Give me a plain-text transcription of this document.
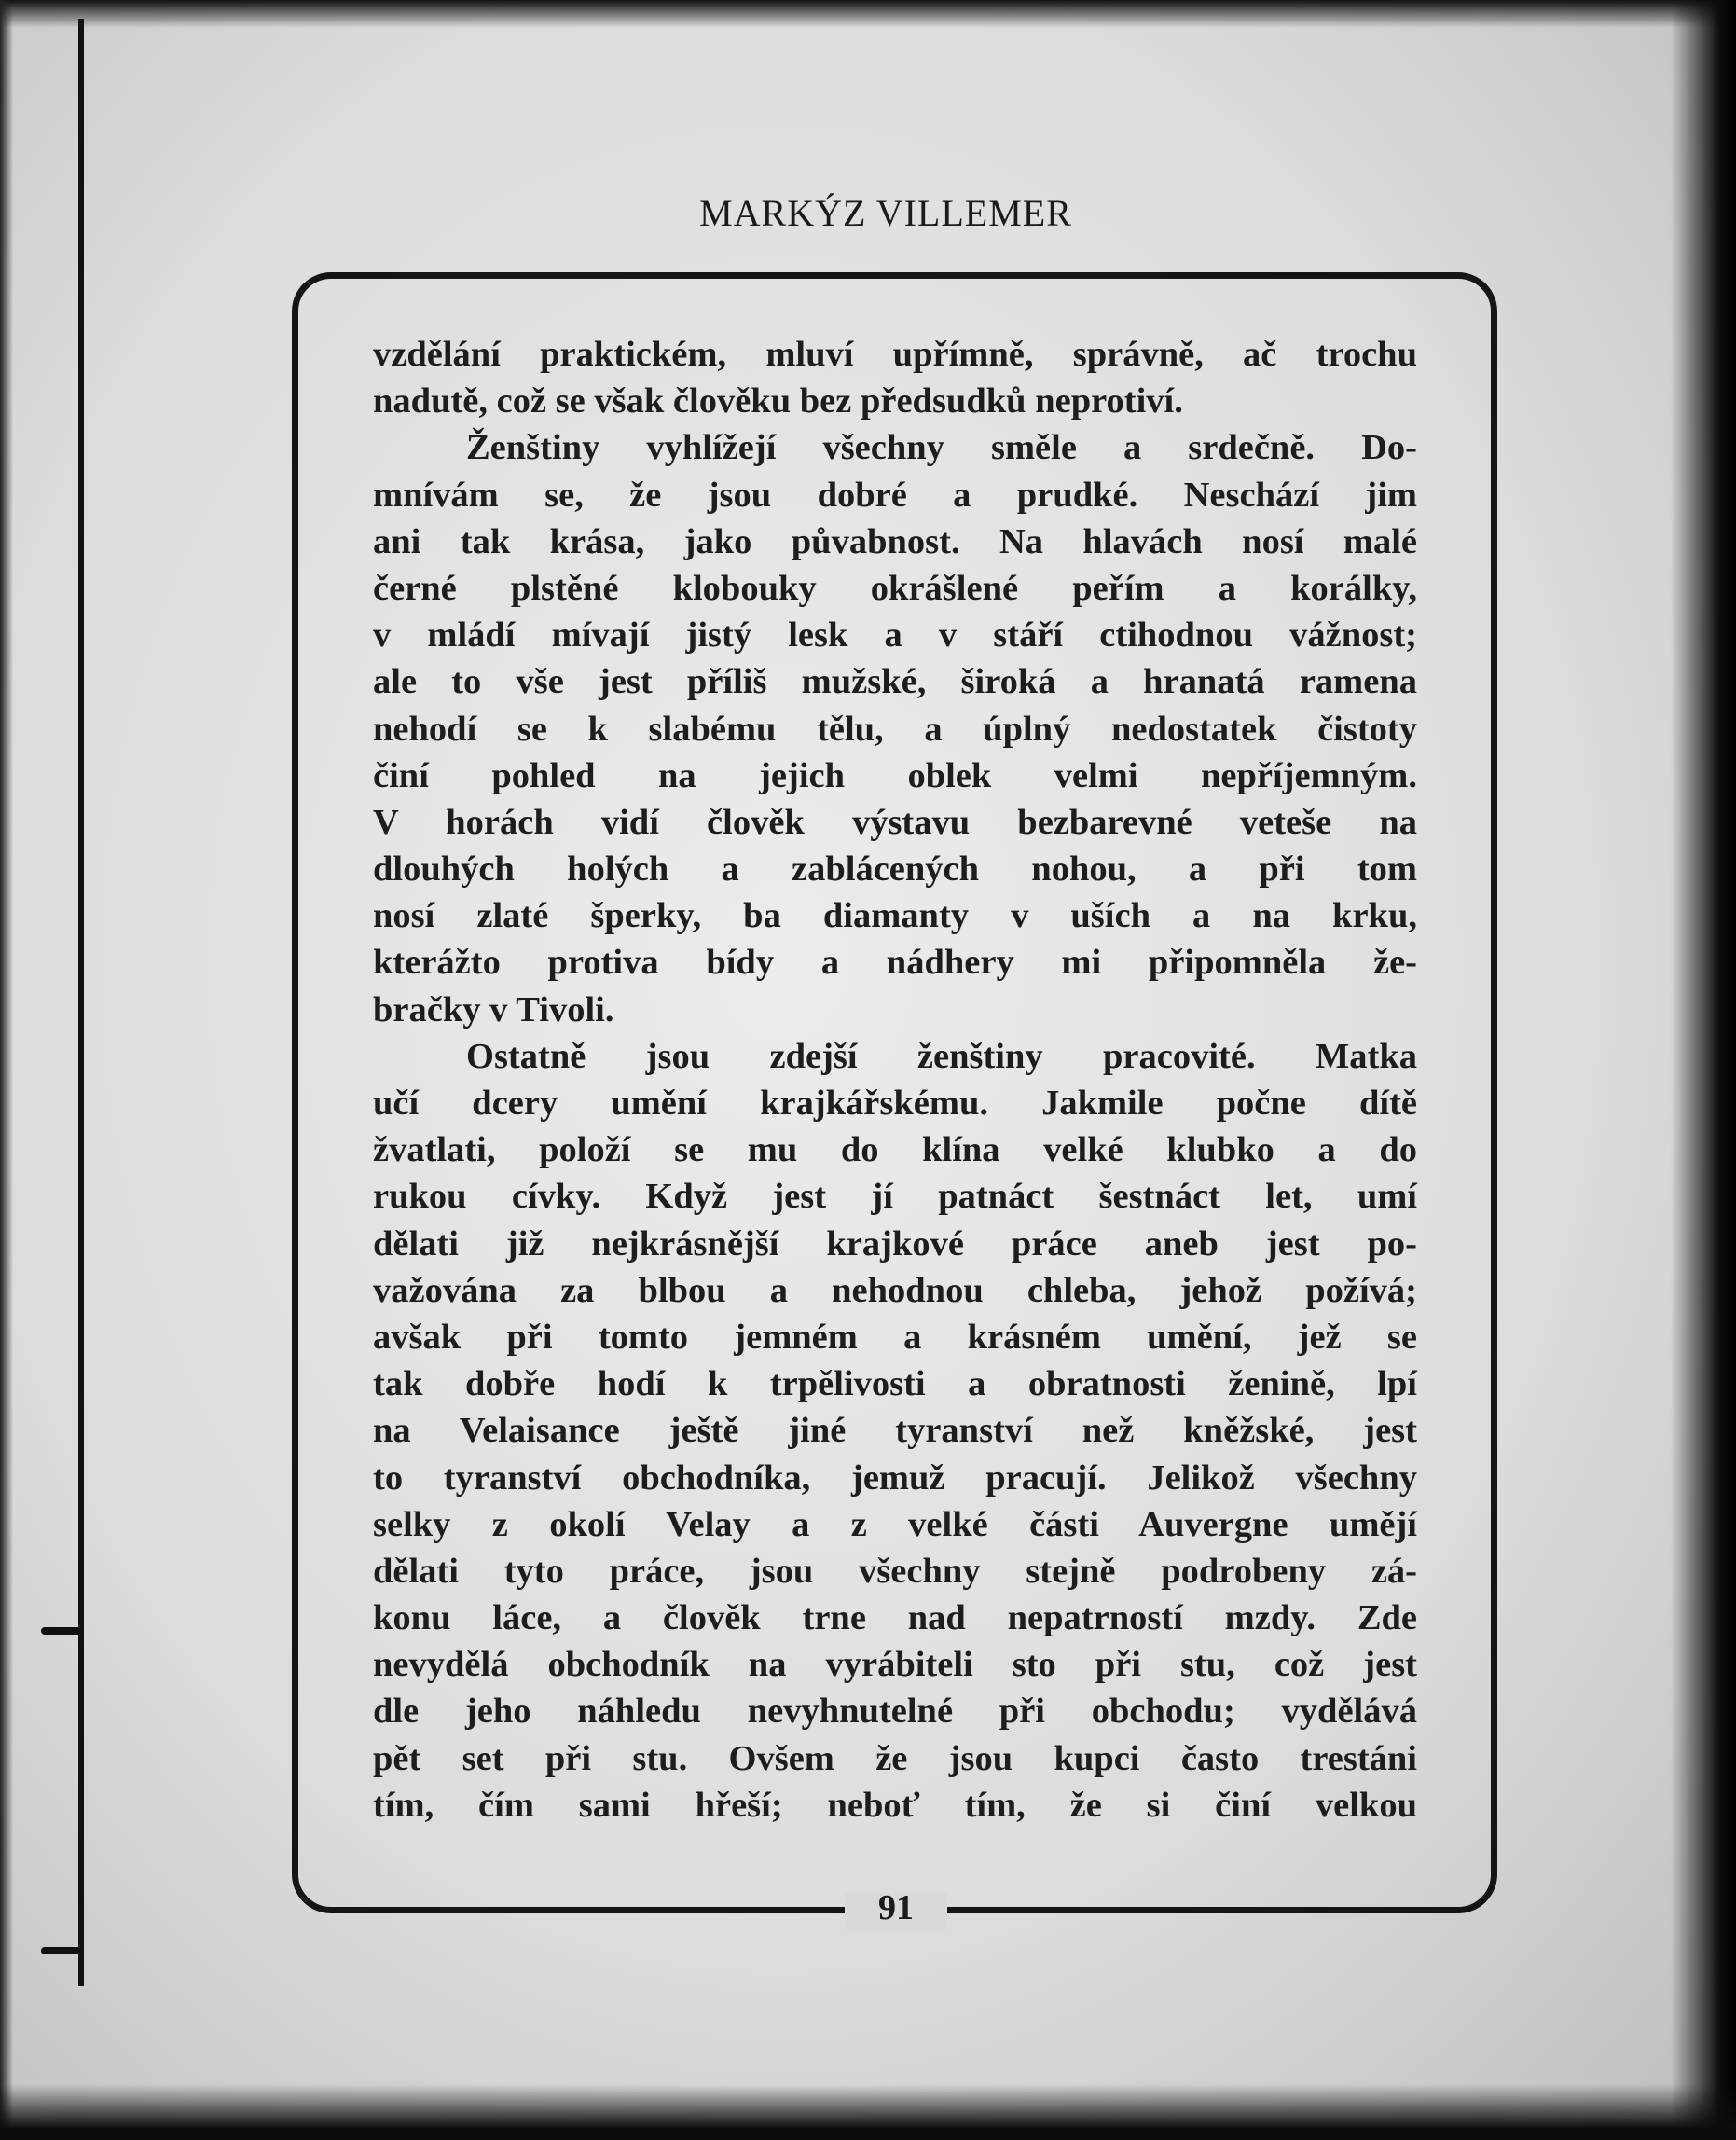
MARKÝZ VILLEMER
vzdělání praktickém, mluví upřímně, správně, ač trochu
nadutě, což se však člověku bez předsudků neprotiví.
Ženštiny vyhlížejí všechny směle a srdečně. Do-
mnívám se, že jsou dobré a prudké. Neschází jim
ani tak krása, jako půvabnost. Na hlavách nosí malé
černé plstěné klobouky okrášlené peřím a korálky,
v mládí mívají jistý lesk a v stáří ctihodnou vážnost;
ale to vše jest příliš mužské, široká a hranatá ramena
nehodí se k slabému tělu, a úplný nedostatek čistoty
činí pohled na jejich oblek velmi nepříjemným.
V horách vidí člověk výstavu bezbarevné veteše na
dlouhých holých a zablácených nohou, a při tom
nosí zlaté šperky, ba diamanty v uších a na krku,
kterážto protiva bídy a nádhery mi připomněla že-
bračky v Tivoli.
Ostatně jsou zdejší ženštiny pracovité. Matka
učí dcery umění krajkářskému. Jakmile počne dítě
žvatlati, položí se mu do klína velké klubko a do
rukou cívky. Když jest jí patnáct šestnáct let, umí
dělati již nejkrásnější krajkové práce aneb jest po-
važována za blbou a nehodnou chleba, jehož požívá;
avšak při tomto jemném a krásném umění, jež se
tak dobře hodí k trpělivosti a obratnosti ženině, lpí
na Velaisance ještě jiné tyranství než kněžské, jest
to tyranství obchodníka, jemuž pracují. Jelikož všechny
selky z okolí Velay a z velké části Auvergne umějí
dělati tyto práce, jsou všechny stejně podrobeny zá-
konu láce, a člověk trne nad nepatrností mzdy. Zde
nevydělá obchodník na vyrábiteli sto při stu, což jest
dle jeho náhledu nevyhnutelné při obchodu; vydělává
pět set při stu. Ovšem že jsou kupci často trestáni
tím, čím sami hřeší; neboť tím, že si činí velkou
91
